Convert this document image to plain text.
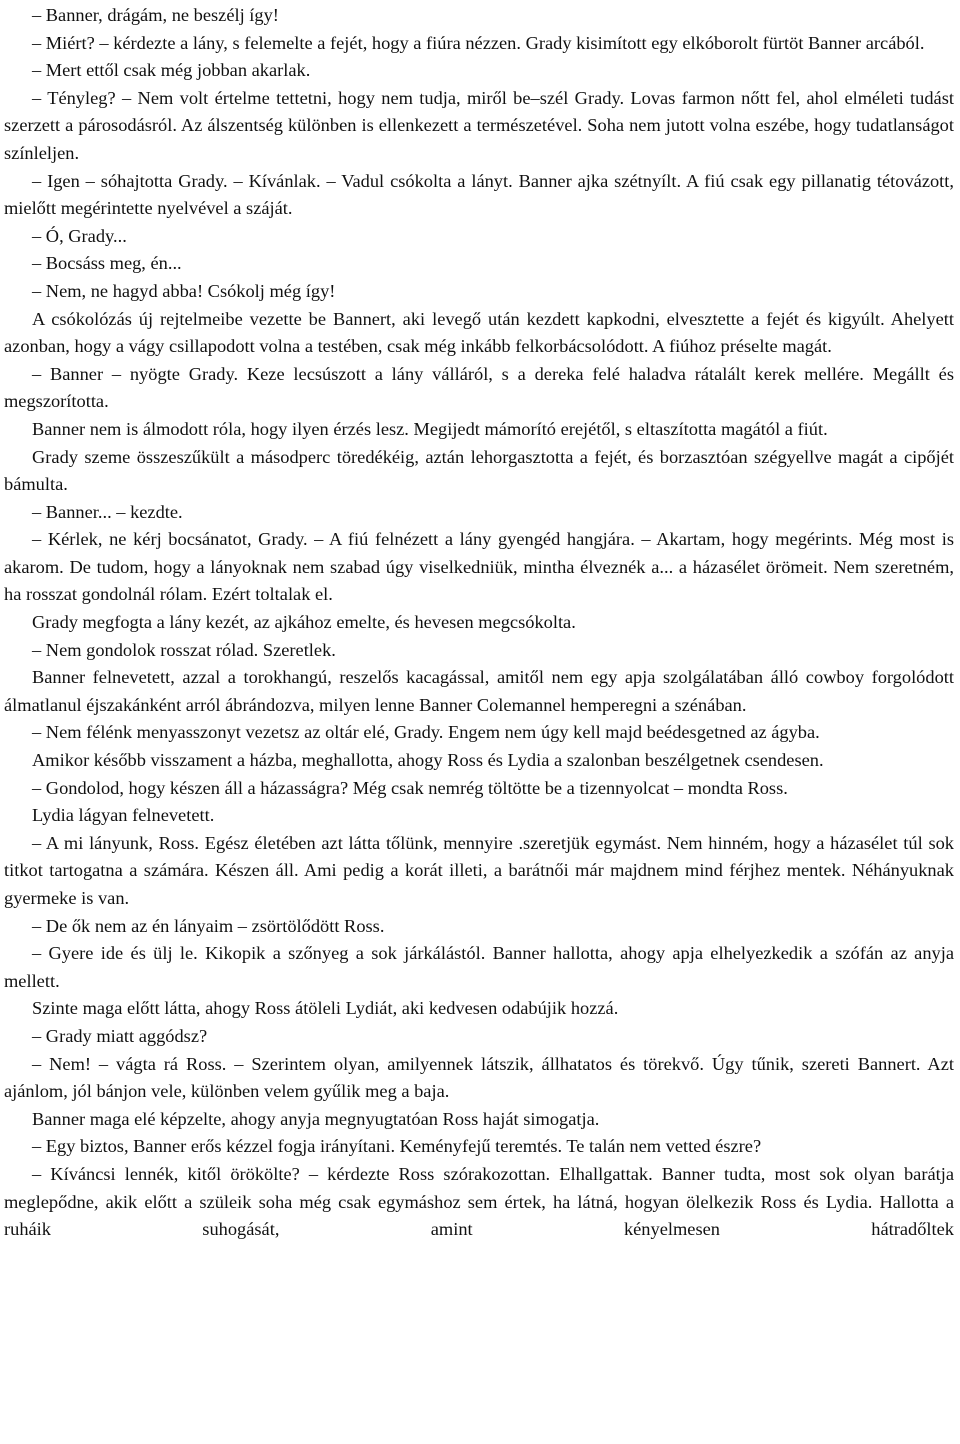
– Banner, drágám, ne beszélj így!

– Miért? – kérdezte a lány, s felemelte a fejét, hogy a fiúra nézzen. Grady kisimított egy elkóborolt fürtöt Banner arcából.

– Mert ettől csak még jobban akarlak.

– Tényleg? – Nem volt értelme tettetni, hogy nem tudja, miről be–szél Grady. Lovas farmon nőtt fel, ahol elméleti tudást szerzett a párosodásról. Az álszentség különben is ellenkezett a természetével. Soha nem jutott volna eszébe, hogy tudatlanságot színleljen.

– Igen – sóhajtotta Grady. – Kívánlak. – Vadul csókolta a lányt. Banner ajka szétnyílt. A fiú csak egy pillanatig tétovázott, mielőtt megérintette nyelvével a száját.

– Ó, Grady...

– Bocsáss meg, én...

– Nem, ne hagyd abba! Csókolj még így!

A csókolózás új rejtelmeibe vezette be Bannert, aki levegő után kezdett kapkodni, elvesztette a fejét és kigyúlt. Ahelyett azonban, hogy a vágy csillapodott volna a testében, csak még inkább felkorbácsolódott. A fiúhoz préselte magát.

– Banner – nyögte Grady. Keze lecsúszott a lány válláról, s a dereka felé haladva rátalált kerek mellére. Megállt és megszorította.

Banner nem is álmodott róla, hogy ilyen érzés lesz. Megijedt mámorító erejétől, s eltaszította magától a fiút.

Grady szeme összeszűkült a másodperc töredékéig, aztán lehorgasztotta a fejét, és borzasztóan szégyellve magát a cipőjét bámulta.

– Banner... – kezdte.

– Kérlek, ne kérj bocsánatot, Grady. – A fiú felnézett a lány gyengéd hangjára. – Akartam, hogy megérints. Még most is akarom. De tudom, hogy a lányoknak nem szabad úgy viselkedniük, mintha élveznék a... a házasélet örömeit. Nem szeretném, ha rosszat gondolnál rólam. Ezért toltalak el.

Grady megfogta a lány kezét, az ajkához emelte, és hevesen megcsókolta.

– Nem gondolok rosszat rólad. Szeretlek.

Banner felnevetett, azzal a torokhangú, reszelős kacagással, amitől nem egy apja szolgálatában álló cowboy forgolódott álmatlanul éjszakánként arról ábrándozva, milyen lenne Banner Colemannel hemperegni a szénában.

– Nem félénk menyasszonyt vezetsz az oltár elé, Grady. Engem nem úgy kell majd beédesgetned az ágyba.

Amikor később visszament a házba, meghallotta, ahogy Ross és Lydia a szalonban beszélgetnek csendesen.

– Gondolod, hogy készen áll a házasságra? Még csak nemrég töltötte be a tizennyolcat – mondta Ross.

Lydia lágyan felnevetett.

– A mi lányunk, Ross. Egész életében azt látta tőlünk, mennyire .szeretjük egymást. Nem hinném, hogy a házasélet túl sok titkot tartogatna a számára. Készen áll. Ami pedig a korát illeti, a barátnői már majdnem mind férjhez mentek. Néhányuknak gyermeke is van.

– De ők nem az én lányaim – zsörtölődött Ross.

– Gyere ide és ülj le. Kikopik a szőnyeg a sok járkálástól. Banner hallotta, ahogy apja elhelyezkedik a szófán az anyja mellett.

Szinte maga előtt látta, ahogy Ross átöleli Lydiát, aki kedvesen odabújik hozzá.

– Grady miatt aggódsz?

– Nem! – vágta rá Ross. – Szerintem olyan, amilyennek látszik, állhatatos és törekvő. Úgy tűnik, szereti Bannert. Azt ajánlom, jól bánjon vele, különben velem gyűlik meg a baja.

Banner maga elé képzelte, ahogy anyja megnyugtatóan Ross haját simogatja.

– Egy biztos, Banner erős kézzel fogja irányítani. Keményfejű teremtés. Te talán nem vetted észre?

– Kíváncsi lennék, kitől örökölte? – kérdezte Ross szórakozottan. Elhallgattak. Banner tudta, most sok olyan barátja meglepődne, akik előtt a szüleik soha még csak egymáshoz sem értek, ha látná, hogyan ölelkezik Ross és Lydia. Hallotta a ruháik suhogását, amint kényelmesen hátradőltek
